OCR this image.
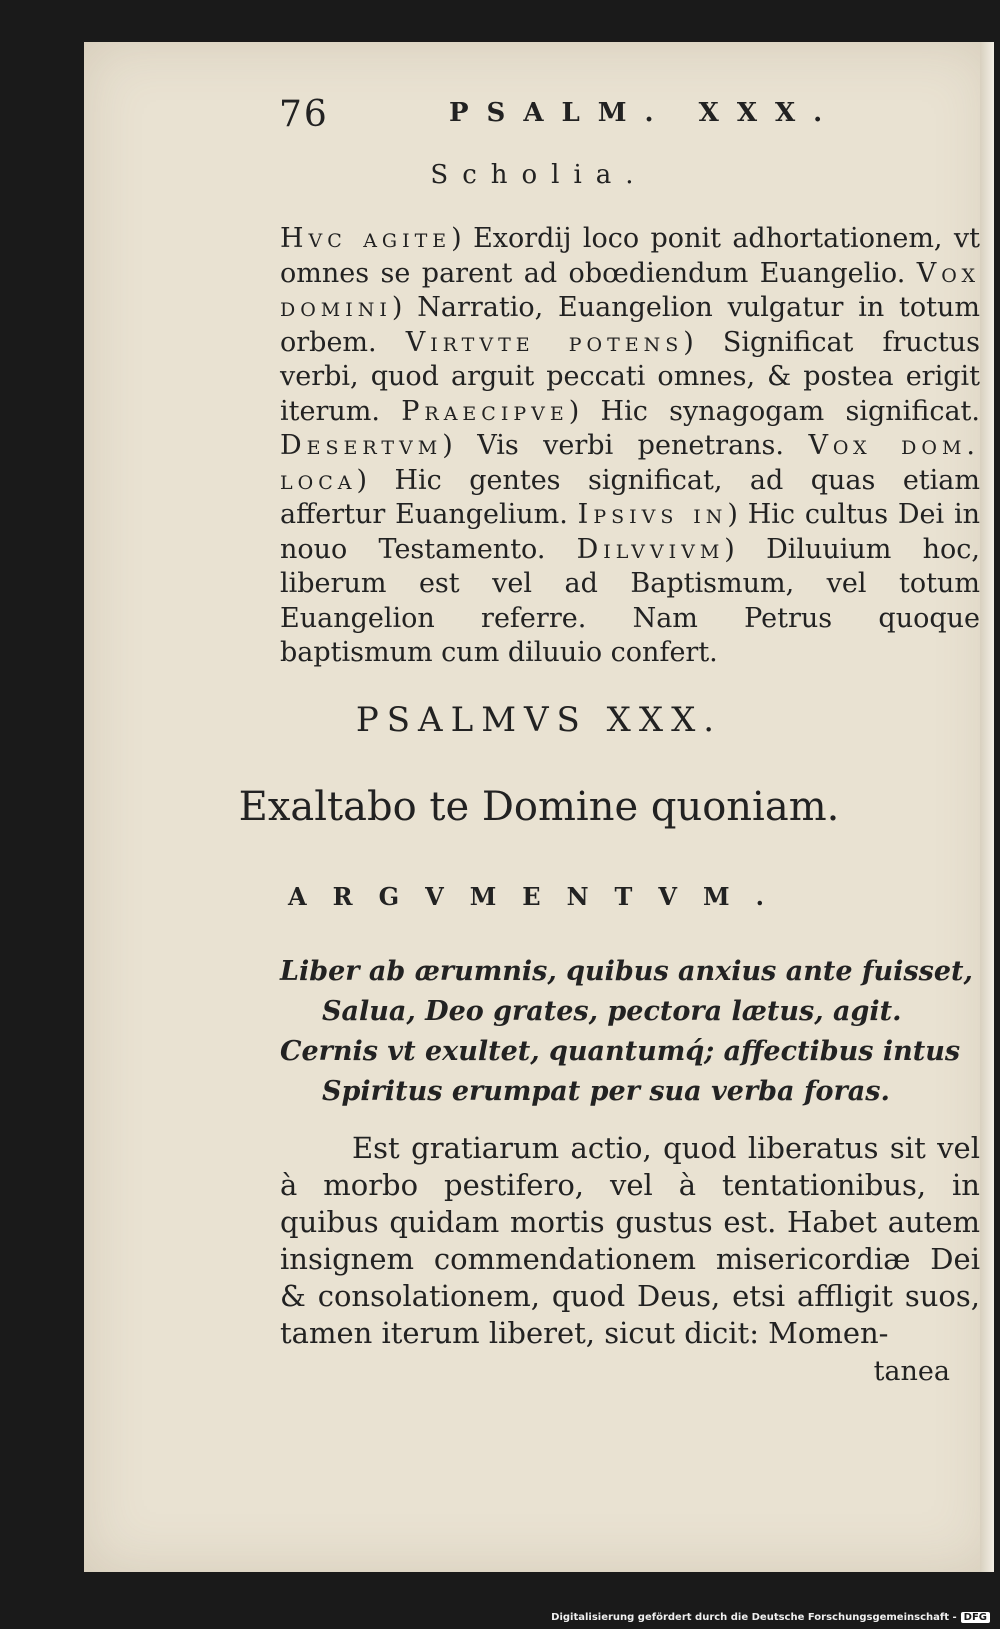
76	PSALM. XXX.
Scholia.
Hvc agite) Exordij loco ponit adhortationem, vt omnes se parent ad obœdiendum Euangelio. Vox domini) Narratio, Euangelion vulgatur in totum orbem. Virtvte potens) Significat fructus verbi, quod arguit peccati omnes, & postea erigit iterum. Praecipve) Hic synagogam significat. Desertvm) Vis verbi penetrans. Vox dom. loca) Hic gentes significat, ad quas etiam affertur Euangelium. Ipsivs in) Hic cultus Dei in nouo Testamento. Dilvvivm) Diluuium hoc, liberum est vel ad Baptismum, vel totum Euangelion referre. Nam Petrus quoque baptismum cum diluuio confert.
PSALMVS XXX.
Exaltabo te Domine quoniam.
ARGVMENTVM.
Liber ab ærumnis, quibus anxius ante fuisset,
Salua, Deo grates, pectora lætus, agit.
Cernis vt exultet, quantumq́; affectibus intus
Spiritus erumpat per sua verba foras.
Est gratiarum actio, quod liberatus sit vel à morbo pestifero, vel à tentationibus, in quibus quidam mortis gustus est. Habet autem insignem commendationem misericordiæ Dei & consolationem, quod Deus, etsi affligit suos, tamen iterum liberet, sicut dicit: Momen-
tanea
Digitalisierung gefördert durch die Deutsche Forschungsgemeinschaft - DFG
